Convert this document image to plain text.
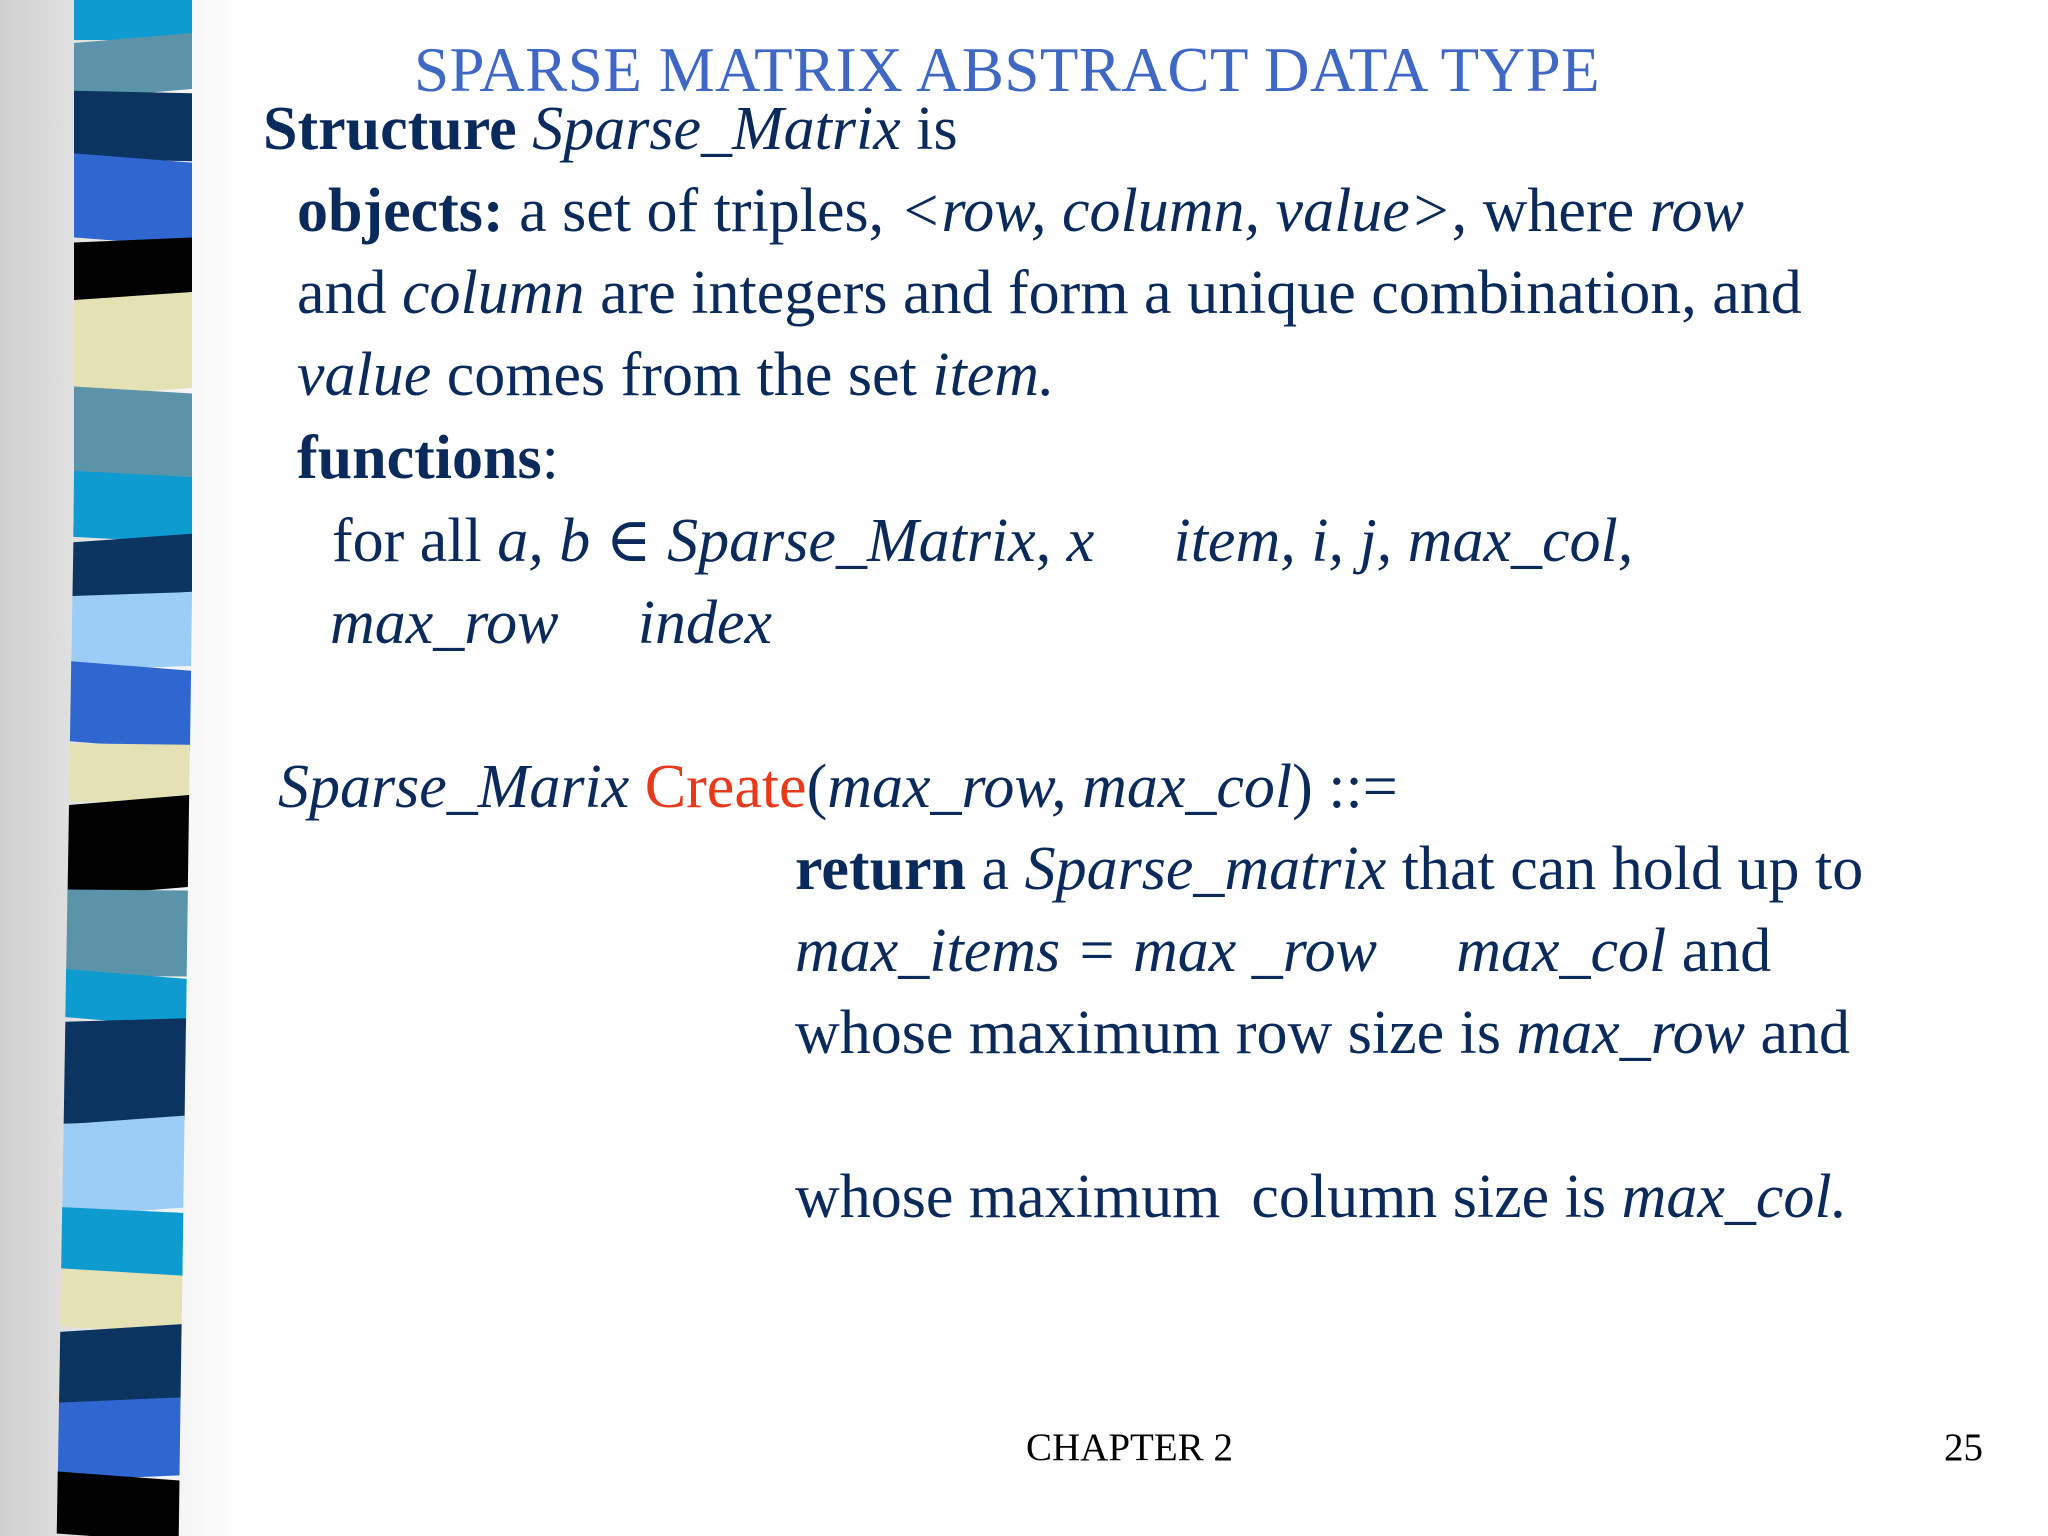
SPARSE MATRIX ABSTRACT DATA TYPE
Structure Sparse_Matrix is
objects: a set of triples, <row, column, value>, where row
and column are integers and form a unique combination, and
value comes from the set item.
functions:
for all a, b ∈ Sparse_Matrix, x item, i, j, max_col,
max_row index
Sparse_Marix Create(max_row, max_col) ::=
return a Sparse_matrix that can hold up to
max_items = max _row max_col and
whose maximum row size is max_row and
whose maximum  column size is max_col.
CHAPTER 2	25
